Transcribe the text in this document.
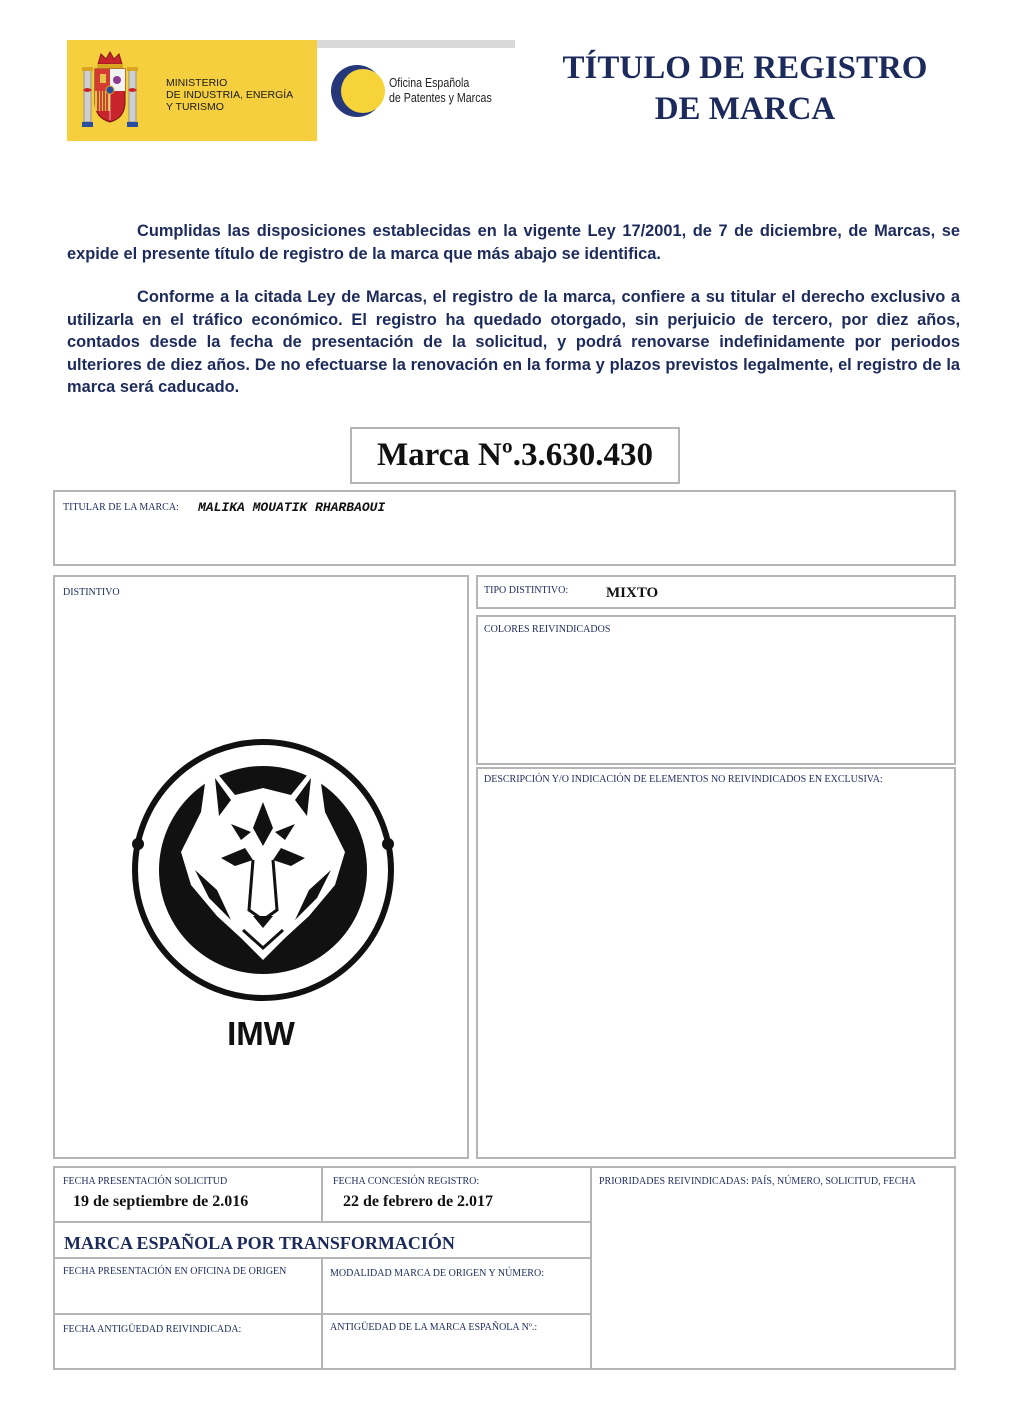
MINISTERIO
DE INDUSTRIA, ENERGÍA
Y TURISMO
Oficina Española
de Patentes y Marcas
TÍTULO DE REGISTRO
DE MARCA

Cumplidas las disposiciones establecidas en la vigente Ley 17/2001, de 7 de diciembre, de Marcas, se expide el presente título de registro de la marca que más abajo se identifica.

Conforme a la citada Ley de Marcas, el registro de la marca, confiere a su titular el derecho exclusivo a utilizarla en el tráfico económico. El registro ha quedado otorgado, sin perjuicio de tercero, por diez años, contados desde la fecha de presentación de la solicitud, y podrá renovarse indefinidamente por periodos ulteriores de diez años. De no efectuarse la renovación en la forma y plazos previstos legalmente, el registro de la marca será caducado.

Marca Nº.3.630.430
TITULAR DE LA MARCA: MALIKA MOUATIK RHARBAOUI
DISTINTIVO
IMW
TIPO DISTINTIVO:	MIXTO
COLORES REIVINDICADOS
DESCRIPCIÓN Y/O INDICACIÓN DE ELEMENTOS NO REIVINDICADOS EN EXCLUSIVA:
FECHA PRESENTACIÓN SOLICITUD
19 de septiembre de 2.016
FECHA CONCESIÓN REGISTRO:
22 de febrero de 2.017
PRIORIDADES REIVINDICADAS: PAÍS, NÚMERO, SOLICITUD, FECHA
MARCA ESPAÑOLA POR TRANSFORMACIÓN
FECHA PRESENTACIÓN EN OFICINA DE ORIGEN	MODALIDAD MARCA DE ORIGEN Y NÚMERO:
FECHA ANTIGÜEDAD REIVINDICADA:	ANTIGÜEDAD DE LA MARCA ESPAÑOLA Nº.:
